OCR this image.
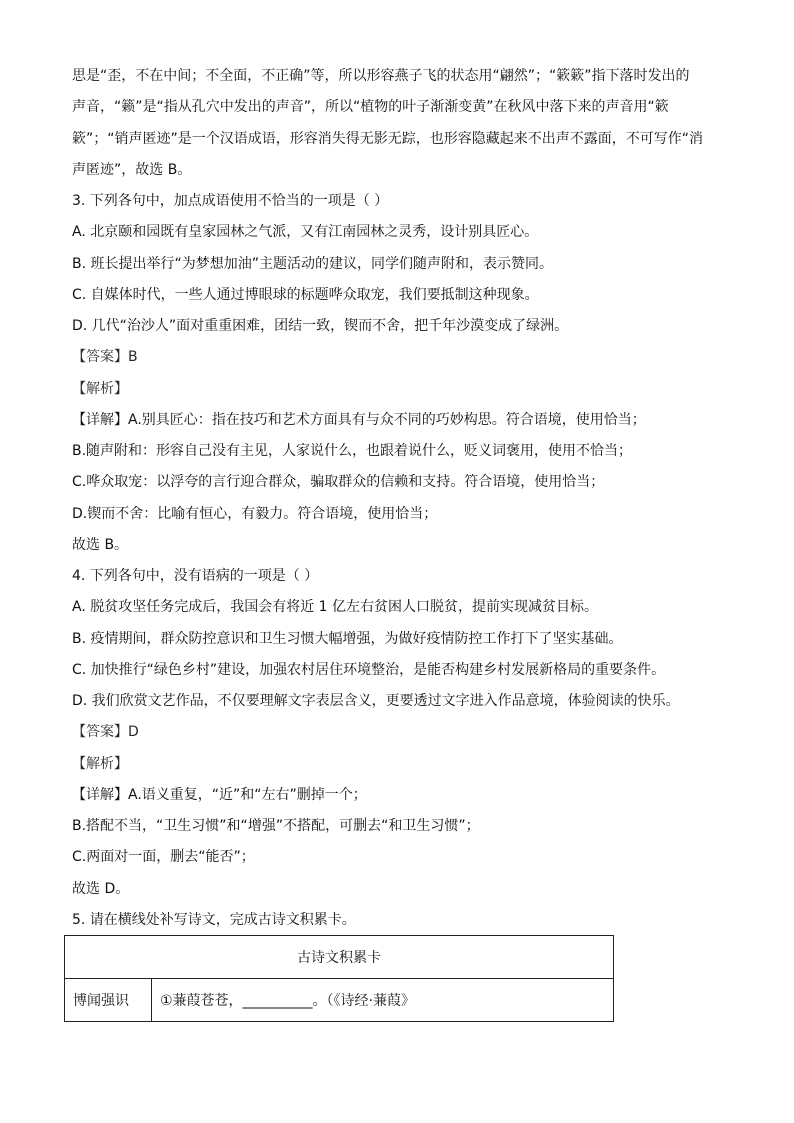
思是“歪，不在中间；不全面，不正确”等，所以形容燕子飞的状态用“翩然”；“簌簌”指下落时发出的
声音，“籁”是“指从孔穴中发出的声音”，所以“植物的叶子渐渐变黄”在秋风中落下来的声音用“簌
簌”；“销声匿迹”是一个汉语成语，形容消失得无影无踪，也形容隐藏起来不出声不露面，不可写作“消
声匿迹”，故选 B。
3. 下列各句中，加点成语使用不恰当的一项是（ ）
A. 北京颐和园既有皇家园林之气派，又有江南园林之灵秀，设计别具匠心。
B. 班长提出举行“为梦想加油”主题活动的建议，同学们随声附和，表示赞同。
C. 自媒体时代，一些人通过博眼球的标题哗众取宠，我们要抵制这种现象。
D. 几代“治沙人”面对重重困难，团结一致，锲而不舍，把千年沙漠变成了绿洲。
【答案】B
【解析】
【详解】A.别具匠心：指在技巧和艺术方面具有与众不同的巧妙构思。符合语境，使用恰当；
B.随声附和：形容自己没有主见，人家说什么，也跟着说什么，贬义词褒用，使用不恰当；
C.哗众取宠：以浮夸的言行迎合群众，骗取群众的信赖和支持。符合语境，使用恰当；
D.锲而不舍：比喻有恒心，有毅力。符合语境，使用恰当；
故选 B。
4. 下列各句中，没有语病的一项是（ ）
A. 脱贫攻坚任务完成后，我国会有将近 1 亿左右贫困人口脱贫，提前实现减贫目标。
B. 疫情期间，群众防控意识和卫生习惯大幅增强，为做好疫情防控工作打下了坚实基础。
C. 加快推行“绿色乡村”建设，加强农村居住环境整治，是能否构建乡村发展新格局的重要条件。
D. 我们欣赏文艺作品，不仅要理解文字表层含义，更要透过文字进入作品意境，体验阅读的快乐。
【答案】D
【解析】
【详解】A.语义重复，“近”和“左右”删掉一个；
B.搭配不当，“卫生习惯”和“增强”不搭配，可删去“和卫生习惯”；
C.两面对一面，删去“能否”；
故选 D。
5. 请在横线处补写诗文，完成古诗文积累卡。
古诗文积累卡
博闻强识	①蒹葭苍苍，__________。（《诗经·蒹葭》
